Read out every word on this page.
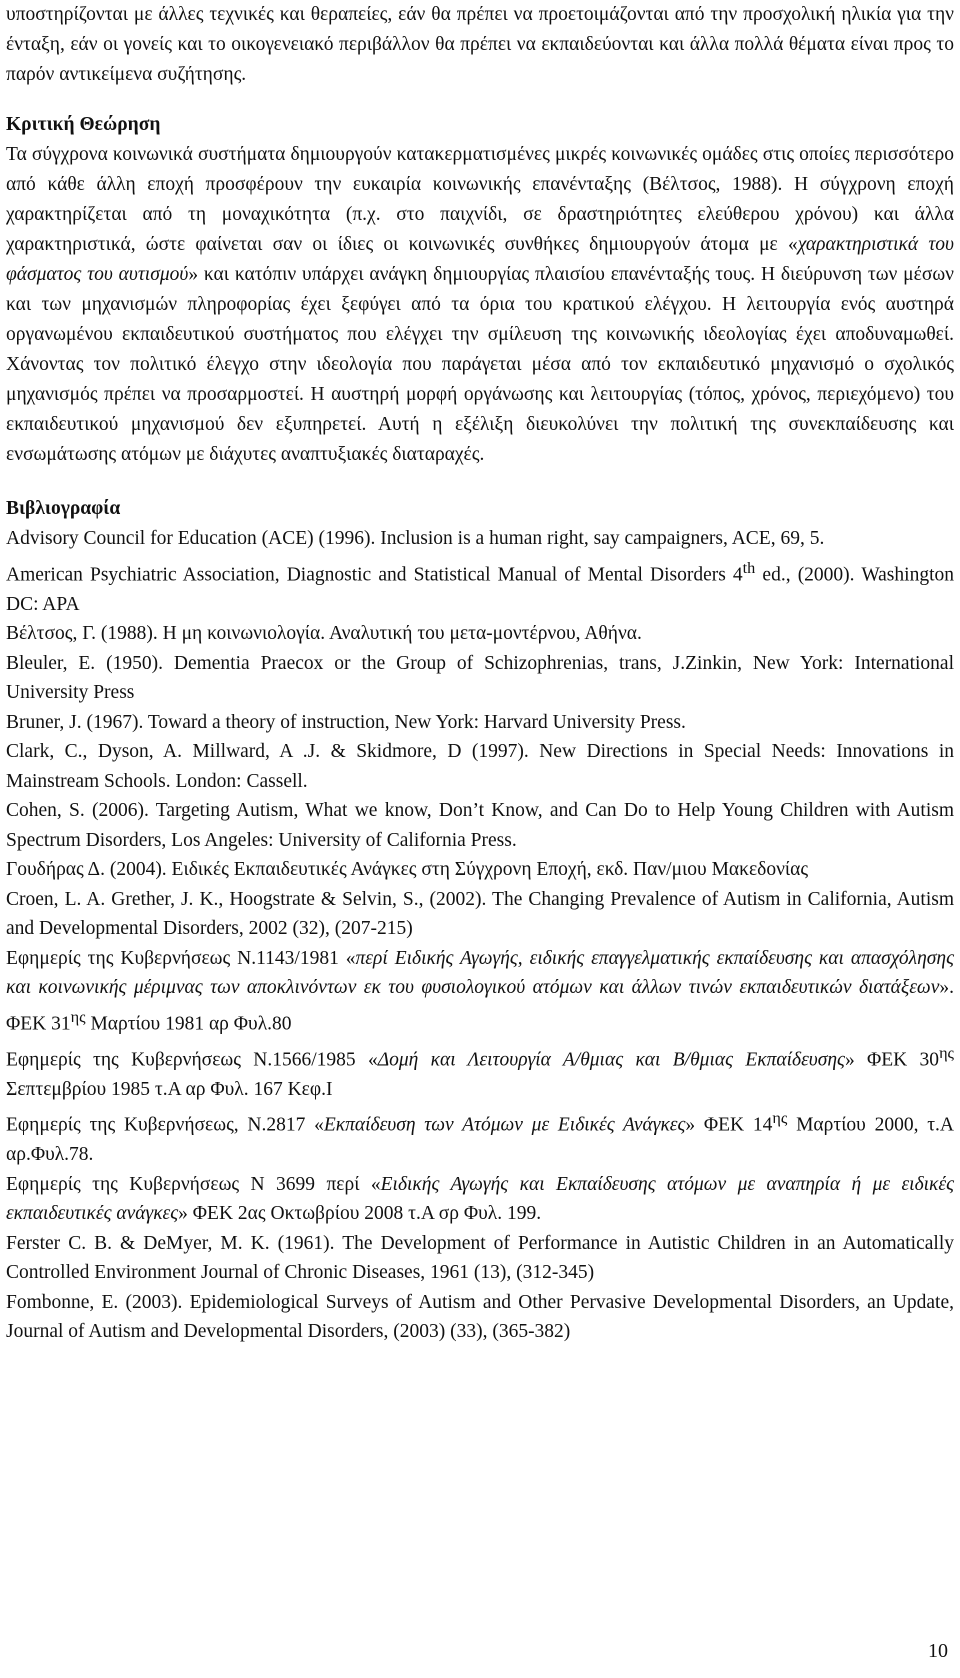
υποστηρίζονται με άλλες τεχνικές και θεραπείες, εάν θα πρέπει να προετοιμάζονται από την προσχολική ηλικία για την ένταξη, εάν οι γονείς και το οικογενειακό περιβάλλον θα πρέπει να εκπαιδεύονται και άλλα πολλά θέματα είναι προς το παρόν αντικείμενα συζήτησης.

Κριτική Θεώρηση

Τα σύγχρονα κοινωνικά συστήματα δημιουργούν κατακερματισμένες μικρές κοινωνικές ομάδες στις οποίες περισσότερο από κάθε άλλη εποχή προσφέρουν την ευκαιρία κοινωνικής επανένταξης (Βέλτσος, 1988). Η σύγχρονη εποχή χαρακτηρίζεται από τη μοναχικότητα (π.χ. στο παιχνίδι, σε δραστηριότητες ελεύθερου χρόνου) και άλλα χαρακτηριστικά, ώστε φαίνεται σαν οι ίδιες οι κοινωνικές συνθήκες δημιουργούν άτομα με «χαρακτηριστικά του φάσματος του αυτισμού» και κατόπιν υπάρχει ανάγκη δημιουργίας πλαισίου επανένταξής τους. Η διεύρυνση των μέσων και των μηχανισμών πληροφορίας έχει ξεφύγει από τα όρια του κρατικού ελέγχου. Η λειτουργία ενός αυστηρά οργανωμένου εκπαιδευτικού συστήματος που ελέγχει την σμίλευση της κοινωνικής ιδεολογίας έχει αποδυναμωθεί. Χάνοντας τον πολιτικό έλεγχο στην ιδεολογία που παράγεται μέσα από τον εκπαιδευτικό μηχανισμό ο σχολικός μηχανισμός πρέπει να προσαρμοστεί. Η αυστηρή μορφή οργάνωσης και λειτουργίας (τόπος, χρόνος, περιεχόμενο) του εκπαιδευτικού μηχανισμού δεν εξυπηρετεί. Αυτή η εξέλιξη διευκολύνει την πολιτική της συνεκπαίδευσης και ενσωμάτωσης ατόμων με διάχυτες αναπτυξιακές διαταραχές.

Βιβλιογραφία

Advisory Council for Education (ACE) (1996). Inclusion is a human right, say campaigners, ACE, 69, 5.

American Psychiatric Association, Diagnostic and Statistical Manual of Mental Disorders 4th ed., (2000). Washington DC: APA

Βέλτσος, Γ. (1988). Η μη κοινωνιολογία. Αναλυτική του μετα-μοντέρνου, Αθήνα.

Bleuler, E. (1950). Dementia Praecox or the Group of Schizophrenias, trans, J.Zinkin, New York: International University Press

Bruner, J. (1967). Toward a theory of instruction, New York: Harvard University Press.

Clark, C., Dyson, A. Millward, A .J. & Skidmore, D (1997). New Directions in Special Needs: Innovations in Mainstream Schools. London: Cassell.

Cohen, S. (2006). Targeting Autism, What we know, Don’t Know, and Can Do to Help Young Children with Autism Spectrum Disorders, Los Angeles: University of California Press.

Γουδήρας Δ. (2004). Ειδικές Εκπαιδευτικές Ανάγκες στη Σύγχρονη Εποχή, εκδ. Παν/μιου Μακεδονίας

Croen, L. A. Grether, J. K., Hoogstrate & Selvin, S., (2002). The Changing Prevalence of Autism in California, Autism and Developmental Disorders, 2002 (32), (207-215)

Εφημερίς της Κυβερνήσεως Ν.1143/1981 «περί Ειδικής Αγωγής, ειδικής επαγγελματικής εκπαίδευσης και απασχόλησης και κοινωνικής μέριμνας των αποκλινόντων εκ του φυσιολογικού ατόμων και άλλων τινών εκπαιδευτικών διατάξεων». ΦΕΚ $31^{\eta\varsigma}$ Μαρτίου 1981 αρ Φυλ.80

Εφημερίς της Κυβερνήσεως Ν.1566/1985 «Δομή και Λειτουργία Α/θμιας και Β/θμιας Εκπαίδευσης» ΦΕΚ $30^{\eta\varsigma}$ Σεπτεμβρίου 1985 τ.Α αρ Φυλ. 167 Κεφ.Ι

Εφημερίς της Κυβερνήσεως, Ν.2817 «Εκπαίδευση των Ατόμων με Ειδικές Ανάγκες» ΦΕΚ $14^{\eta\varsigma}$ Μαρτίου 2000, τ.Α αρ.Φυλ.78.

Εφημερίς της Κυβερνήσεως Ν 3699 περί «Ειδικής Αγωγής και Εκπαίδευσης ατόμων με αναπηρία ή με ειδικές εκπαιδευτικές ανάγκες» ΦΕΚ 2ας Οκτωβρίου 2008 τ.Α σρ Φυλ. 199.

Ferster C. B. & DeMyer, M. K. (1961). The Development of Performance in Autistic Children in an Automatically Controlled Environment Journal of Chronic Diseases, 1961 (13), (312-345)

Fombonne, E. (2003). Epidemiological Surveys of Autism and Other Pervasive Developmental Disorders, an Update, Journal of Autism and Developmental Disorders, (2003) (33), (365-382)

10
